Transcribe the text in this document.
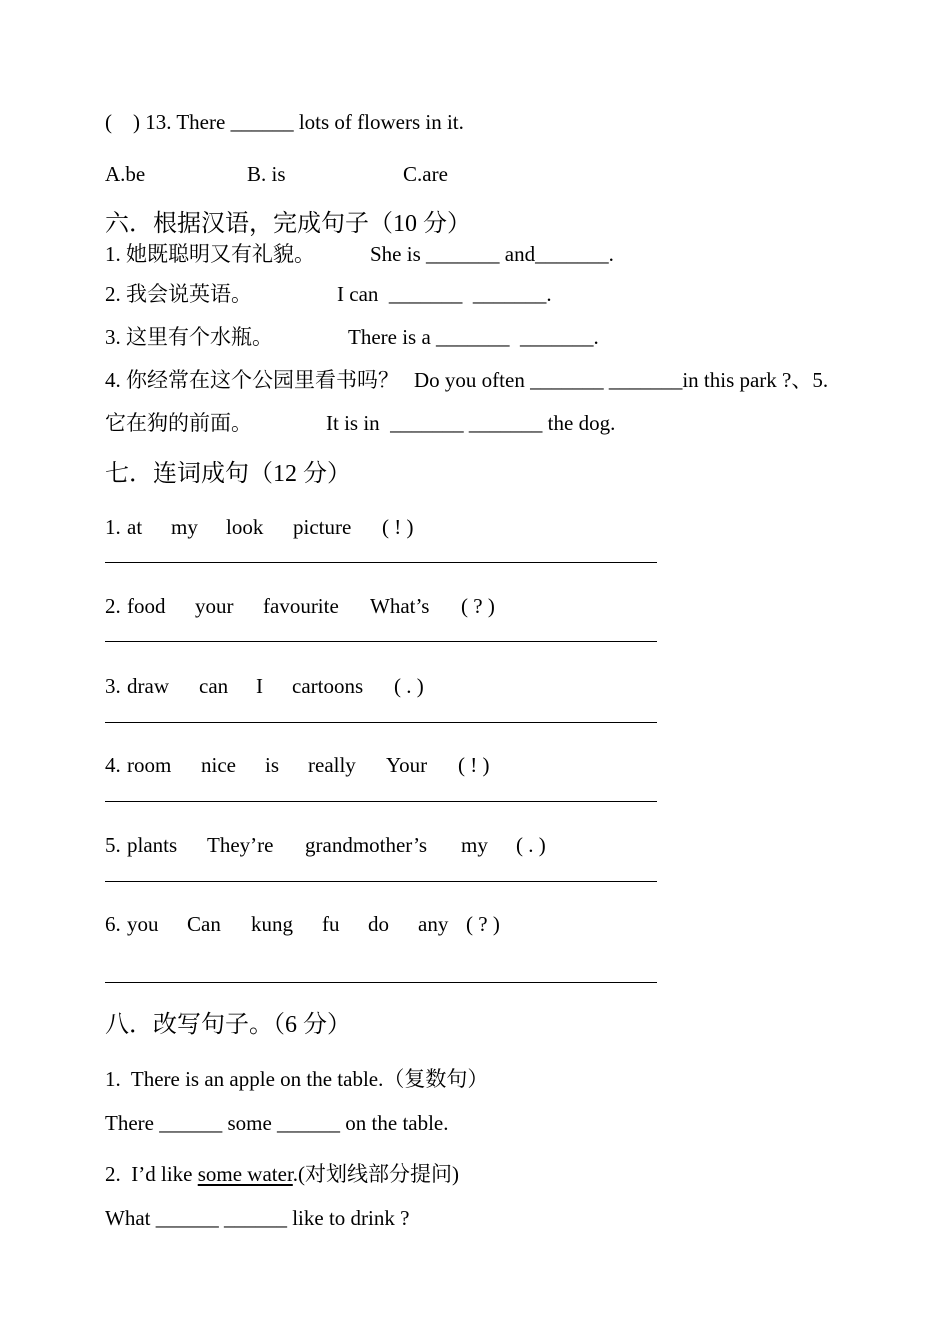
(    ) 13. There ______ lots of flowers in it.
A.be	B. is	C.are
六．根据汉语，完成句子（10 分）
1. 她既聪明又有礼貌。	She is _______ and_______.
2. 我会说英语。	I can  _______  _______.
3. 这里有个水瓶。	There is a _______  _______.
4. 你经常在这个公园里看书吗？ Do you often _______ _______in this park ?、5.
它在狗的前面。	It is in  _______ _______ the dog.
七．连词成句（12 分）
1. at my look picture ( ! )
2. food your favourite What’s ( ? )
3. draw can I cartoons ( . )
4. room nice is really Your ( ! )
5. plants They’re grandmother’s my ( . )
6. you Can kung fu do any ( ? )
八．改写句子。（6 分）
1.  There is an apple on the table.（复数句）
There ______ some ______ on the table.
2.  I’d like some water.(对划线部分提问)
What ______ ______ like to drink ?
